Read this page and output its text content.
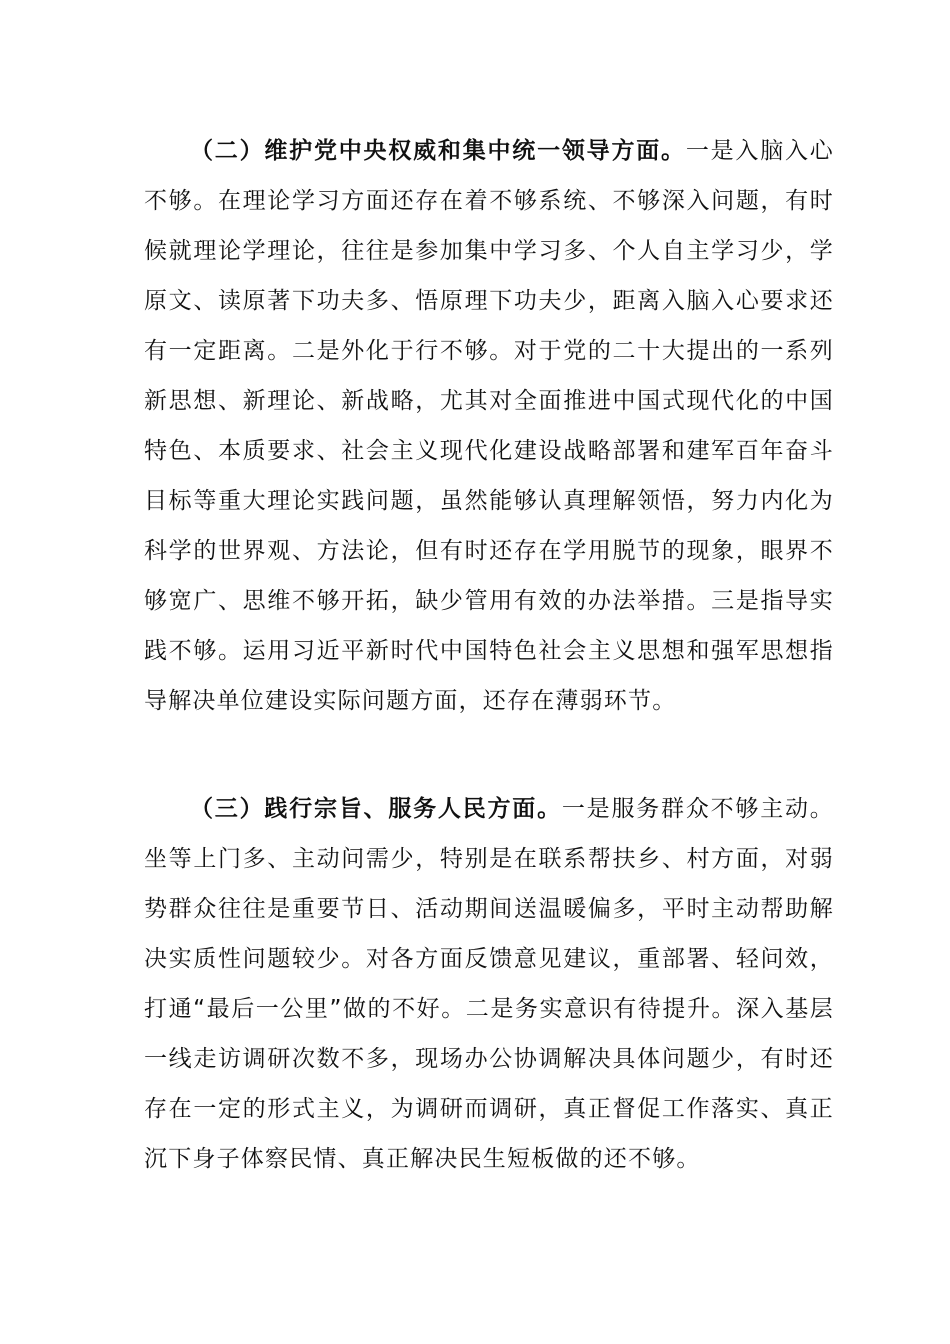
（二）维护党中央权威和集中统一领导方面。一是入脑入心不够。在理论学习方面还存在着不够系统、不够深入问题，有时候就理论学理论，往往是参加集中学习多、个人自主学习少，学原文、读原著下功夫多、悟原理下功夫少，距离入脑入心要求还有一定距离。二是外化于行不够。对于党的二十大提出的一系列新思想、新理论、新战略，尤其对全面推进中国式现代化的中国特色、本质要求、社会主义现代化建设战略部署和建军百年奋斗目标等重大理论实践问题，虽然能够认真理解领悟，努力内化为科学的世界观、方法论，但有时还存在学用脱节的现象，眼界不够宽广、思维不够开拓，缺少管用有效的办法举措。三是指导实践不够。运用习近平新时代中国特色社会主义思想和强军思想指导解决单位建设实际问题方面，还存在薄弱环节。

（三）践行宗旨、服务人民方面。一是服务群众不够主动。坐等上门多、主动问需少，特别是在联系帮扶乡、村方面，对弱势群众往往是重要节日、活动期间送温暖偏多，平时主动帮助解决实质性问题较少。对各方面反馈意见建议，重部署、轻问效，打通“最后一公里”做的不好。二是务实意识有待提升。深入基层一线走访调研次数不多，现场办公协调解决具体问题少，有时还存在一定的形式主义，为调研而调研，真正督促工作落实、真正沉下身子体察民情、真正解决民生短板做的还不够。
